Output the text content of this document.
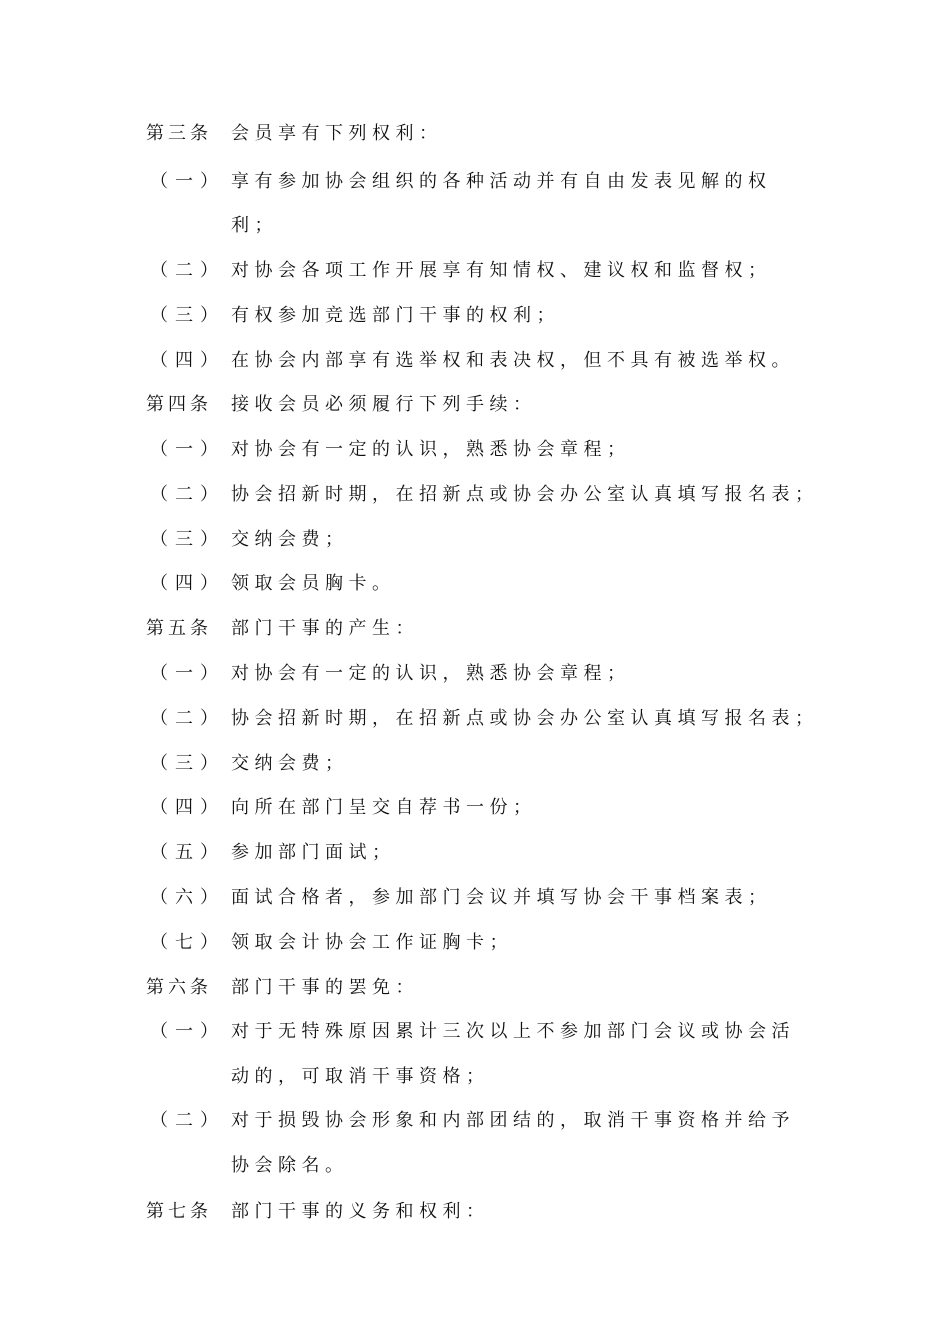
第三条 会员享有下列权利：
（一） 享有参加协会组织的各种活动并有自由发表见解的权
利；
（二） 对协会各项工作开展享有知情权、建议权和监督权；
（三） 有权参加竞选部门干事的权利；
（四） 在协会内部享有选举权和表决权，但不具有被选举权。
第四条 接收会员必须履行下列手续：
（一） 对协会有一定的认识，熟悉协会章程；
（二） 协会招新时期，在招新点或协会办公室认真填写报名表；
（三） 交纳会费；
（四） 领取会员胸卡。
第五条 部门干事的产生：
（一） 对协会有一定的认识，熟悉协会章程；
（二） 协会招新时期，在招新点或协会办公室认真填写报名表；
（三） 交纳会费；
（四） 向所在部门呈交自荐书一份；
（五） 参加部门面试；
（六） 面试合格者，参加部门会议并填写协会干事档案表；
（七） 领取会计协会工作证胸卡；
第六条 部门干事的罢免：
（一） 对于无特殊原因累计三次以上不参加部门会议或协会活
动的，可取消干事资格；
（二） 对于损毁协会形象和内部团结的，取消干事资格并给予
协会除名。
第七条 部门干事的义务和权利：
